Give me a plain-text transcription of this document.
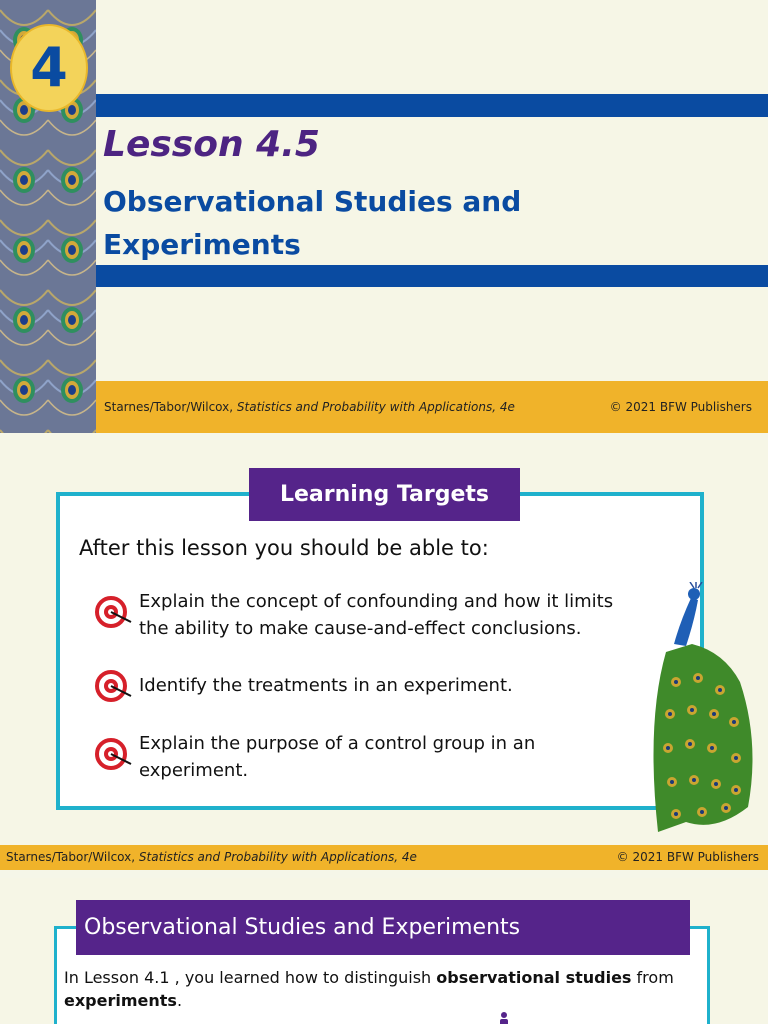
4
Lesson 4.5
Observational Studies and Experiments
Starnes/Tabor/Wilcox, Statistics and Probability with Applications, 4e	© 2021 BFW Publishers
Learning Targets
After this lesson you should be able to:
Explain the concept of confounding and how it limits the ability to make cause-and-effect conclusions.
Identify the treatments in an experiment.
Explain the purpose of a control group in an experiment.
Starnes/Tabor/Wilcox, Statistics and Probability with Applications, 4e	© 2021 BFW Publishers
Observational Studies and Experiments
In Lesson 4.1 , you learned how to distinguish observational studies from experiments.
